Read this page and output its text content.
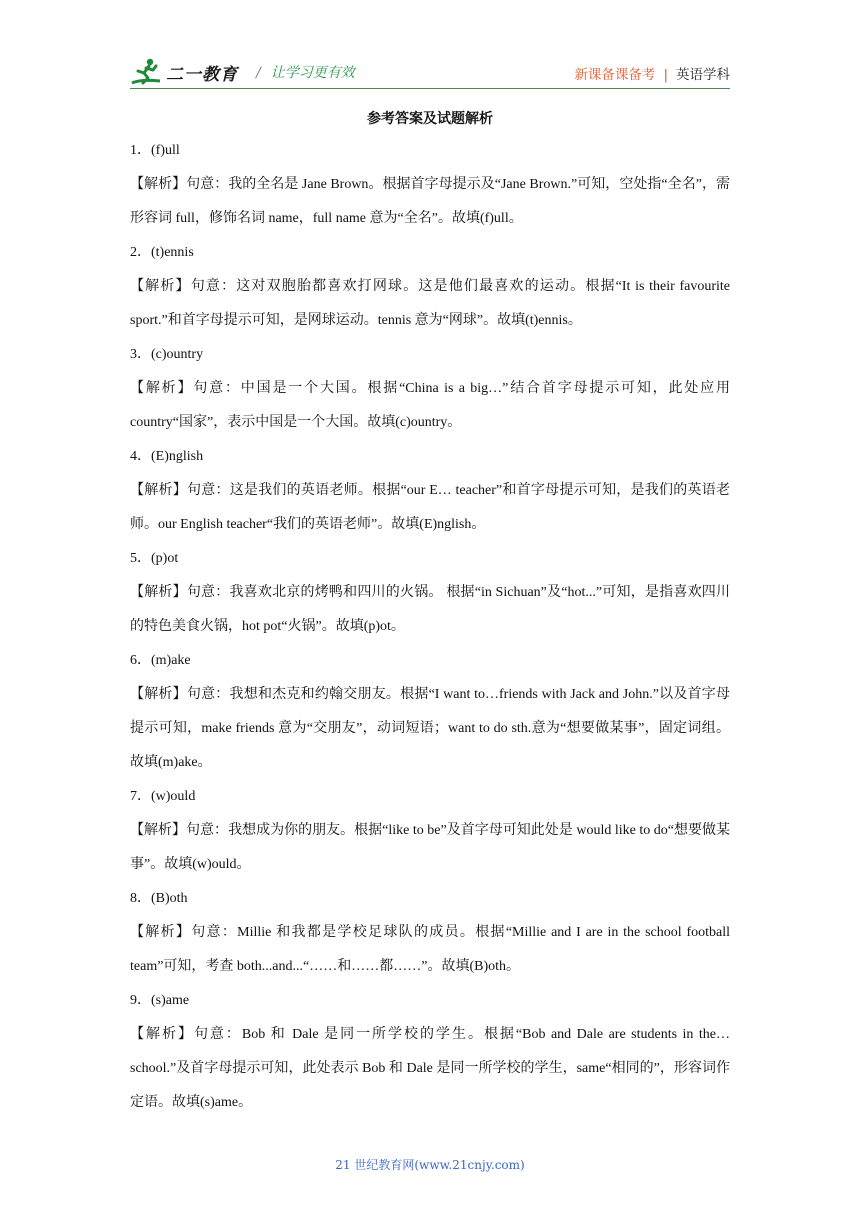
二一教育 / 让学习更有效	新课备课备考 | 英语学科
参考答案及试题解析

1．(f)ull

【解析】句意：我的全名是 Jane Brown。根据首字母提示及“Jane Brown.”可知，空处指“全名”，需形容词 full，修饰名词 name，full name 意为“全名”。故填(f)ull。

2．(t)ennis

【解析】句意：这对双胞胎都喜欢打网球。这是他们最喜欢的运动。根据“It is their favourite sport.”和首字母提示可知，是网球运动。tennis 意为“网球”。故填(t)ennis。

3．(c)ountry

【解析】句意：中国是一个大国。根据“China is a big…”结合首字母提示可知，此处应用 country“国家”，表示中国是一个大国。故填(c)ountry。

4．(E)nglish

【解析】句意：这是我们的英语老师。根据“our E… teacher”和首字母提示可知，是我们的英语老师。our English teacher“我们的英语老师”。故填(E)nglish。

5．(p)ot

【解析】句意：我喜欢北京的烤鸭和四川的火锅。 根据“in Sichuan”及“hot...”可知，是指喜欢四川的特色美食火锅，hot pot“火锅”。故填(p)ot。

6．(m)ake

【解析】句意：我想和杰克和约翰交朋友。根据“I want to…friends with Jack and John.”以及首字母提示可知，make friends 意为“交朋友”，动词短语；want to do sth.意为“想要做某事”，固定词组。故填(m)ake。

7．(w)ould

【解析】句意：我想成为你的朋友。根据“like to be”及首字母可知此处是 would like to do“想要做某事”。故填(w)ould。

8．(B)oth

【解析】句意：Millie 和我都是学校足球队的成员。根据“Millie and I are in the school football team”可知，考查 both...and...“……和……都……”。故填(B)oth。

9．(s)ame

【解析】句意：Bob 和 Dale 是同一所学校的学生。根据“Bob and Dale are students in the…school.”及首字母提示可知，此处表示 Bob 和 Dale 是同一所学校的学生，same“相同的”，形容词作定语。故填(s)ame。

21 世纪教育网(www.21cnjy.com)
